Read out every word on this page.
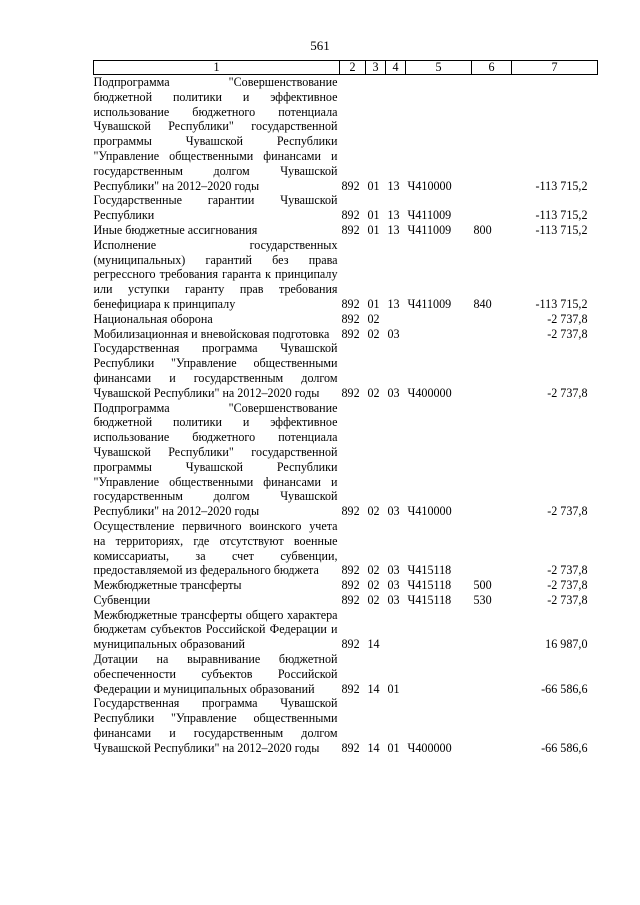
561
1	2	3	4	5	6	7
Подпрограмма "Совершенствование бюджетной политики и эффективное использование бюджетного потенциала Чувашской Республики" государственной программы Чувашской Республики "Управление общественными финансами и государственным долгом Чувашской Республики" на 2012–2020 годы	892	01	13	Ч410000		-113 715,2
Государственные гарантии Чувашской Республики	892	01	13	Ч411009		-113 715,2
Иные бюджетные ассигнования	892	01	13	Ч411009	800	-113 715,2
Исполнение государственных (муниципальных) гарантий без права регрессного требования гаранта к принципалу или уступки гаранту прав требования бенефициара к принципалу	892	01	13	Ч411009	840	-113 715,2
Национальная оборона	892	02				-2 737,8
Мобилизационная и вневойсковая подготовка	892	02	03			-2 737,8
Государственная программа Чувашской Республики "Управление общественными финансами и государственным долгом Чувашской Республики" на 2012–2020 годы	892	02	03	Ч400000		-2 737,8
Подпрограмма "Совершенствование бюджетной политики и эффективное использование бюджетного потенциала Чувашской Республики" государственной программы Чувашской Республики "Управление общественными финансами и государственным долгом Чувашской Республики" на 2012–2020 годы	892	02	03	Ч410000		-2 737,8
Осуществление первичного воинского учета на территориях, где отсутствуют военные комиссариаты, за счет субвенции, предоставляемой из федерального бюджета	892	02	03	Ч415118		-2 737,8
Межбюджетные трансферты	892	02	03	Ч415118	500	-2 737,8
Субвенции	892	02	03	Ч415118	530	-2 737,8
Межбюджетные трансферты общего характера бюджетам субъектов Российской Федерации и муниципальных образований	892	14				16 987,0
Дотации на выравнивание бюджетной обеспеченности субъектов Российской Федерации и муниципальных образований	892	14	01			-66 586,6
Государственная программа Чувашской Республики "Управление общественными финансами и государственным долгом Чувашской Республики" на 2012–2020 годы	892	14	01	Ч400000		-66 586,6
